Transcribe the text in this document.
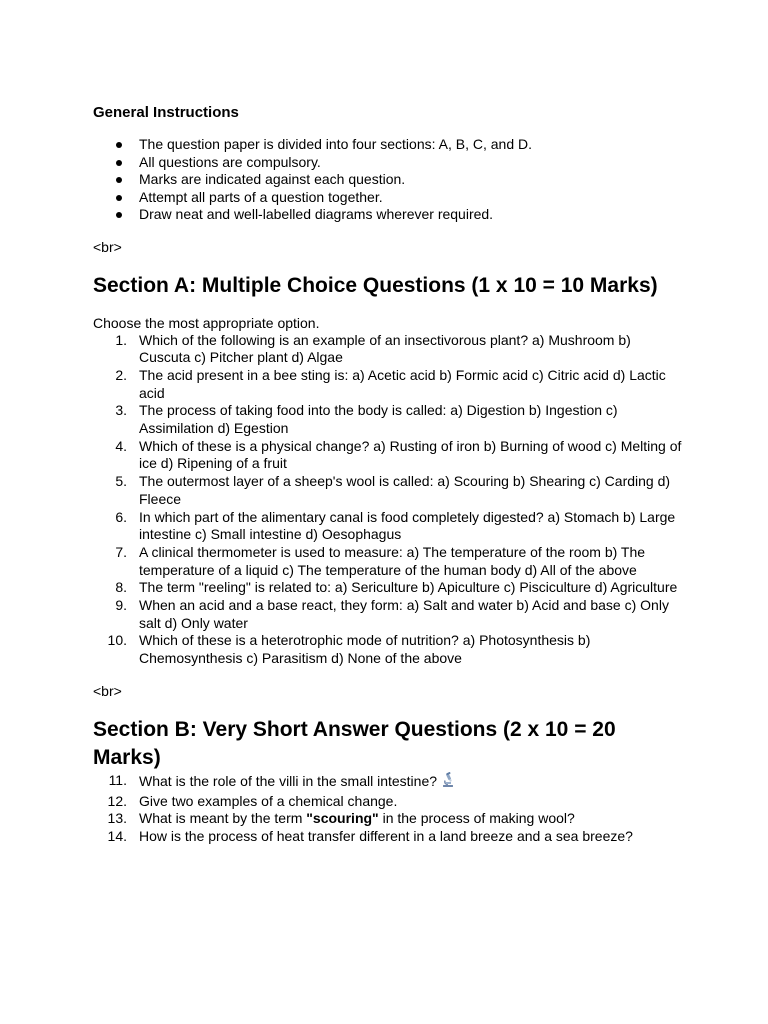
General Instructions
The question paper is divided into four sections: A, B, C, and D.
All questions are compulsory.
Marks are indicated against each question.
Attempt all parts of a question together.
Draw neat and well-labelled diagrams wherever required.
<br>
Section A: Multiple Choice Questions (1 x 10 = 10 Marks)
Choose the most appropriate option.
1. Which of the following is an example of an insectivorous plant? a) Mushroom b) Cuscuta c) Pitcher plant d) Algae
2. The acid present in a bee sting is: a) Acetic acid b) Formic acid c) Citric acid d) Lactic acid
3. The process of taking food into the body is called: a) Digestion b) Ingestion c) Assimilation d) Egestion
4. Which of these is a physical change? a) Rusting of iron b) Burning of wood c) Melting of ice d) Ripening of a fruit
5. The outermost layer of a sheep's wool is called: a) Scouring b) Shearing c) Carding d) Fleece
6. In which part of the alimentary canal is food completely digested? a) Stomach b) Large intestine c) Small intestine d) Oesophagus
7. A clinical thermometer is used to measure: a) The temperature of the room b) The temperature of a liquid c) The temperature of the human body d) All of the above
8. The term "reeling" is related to: a) Sericulture b) Apiculture c) Pisciculture d) Agriculture
9. When an acid and a base react, they form: a) Salt and water b) Acid and base c) Only salt d) Only water
10. Which of these is a heterotrophic mode of nutrition? a) Photosynthesis b) Chemosynthesis c) Parasitism d) None of the above
<br>
Section B: Very Short Answer Questions (2 x 10 = 20 Marks)
11. What is the role of the villi in the small intestine?
12. Give two examples of a chemical change.
13. What is meant by the term "scouring" in the process of making wool?
14. How is the process of heat transfer different in a land breeze and a sea breeze?
